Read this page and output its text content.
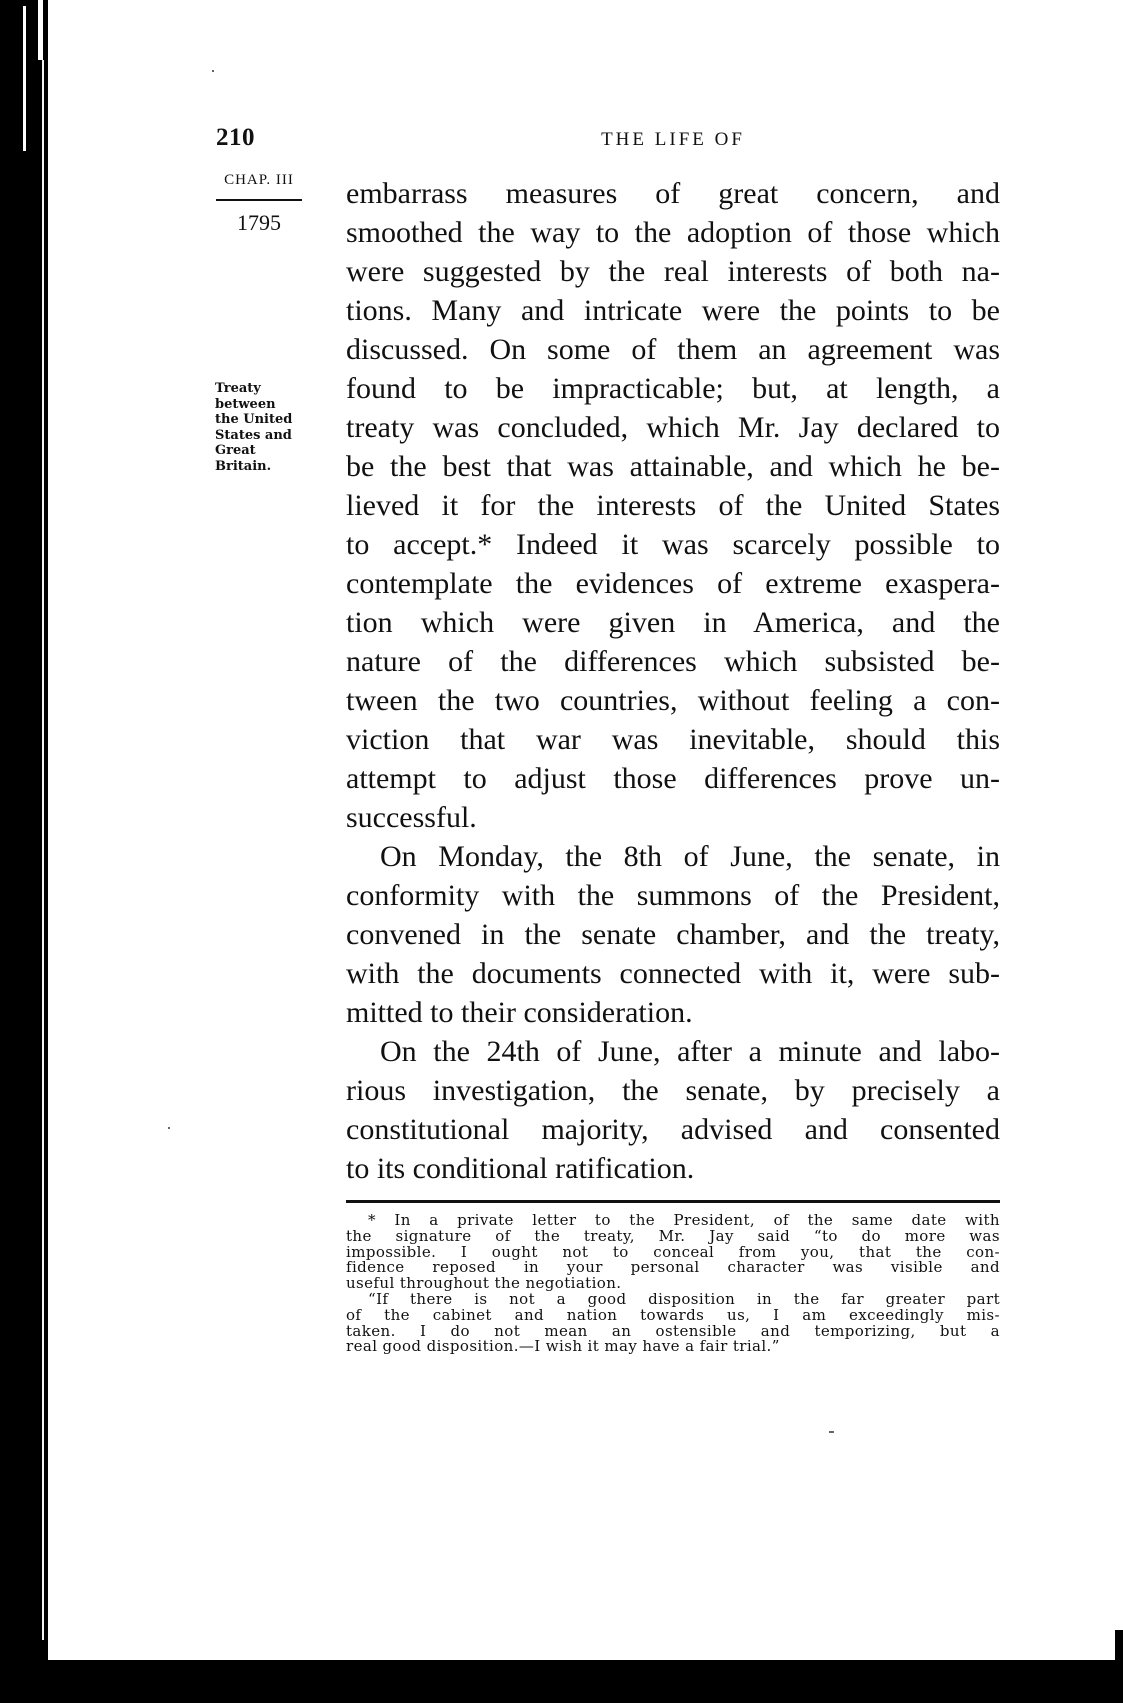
210	THE LIFE OF
CHAP. III
1795
Treaty
between
the United
States and
Great
Britain.

embarrass measures of great concern, and
smoothed the way to the adoption of those which
were suggested by the real interests of both na-
tions. Many and intricate were the points to be
discussed. On some of them an agreement was
found to be impracticable; but, at length, a
treaty was concluded, which Mr. Jay declared to
be the best that was attainable, and which he be-
lieved it for the interests of the United States
to accept.* Indeed it was scarcely possible to
contemplate the evidences of extreme exaspera-
tion which were given in America, and the
nature of the differences which subsisted be-
tween the two countries, without feeling a con-
viction that war was inevitable, should this
attempt to adjust those differences prove un-
successful.

On Monday, the 8th of June, the senate, in
conformity with the summons of the President,
convened in the senate chamber, and the treaty,
with the documents connected with it, were sub-
mitted to their consideration.

On the 24th of June, after a minute and labo-
rious investigation, the senate, by precisely a
constitutional majority, advised and consented
to its conditional ratification.

* In a private letter to the President, of the same date with
the signature of the treaty, Mr. Jay said “to do more was
impossible. I ought not to conceal from you, that the con-
fidence reposed in your personal character was visible and
useful throughout the negotiation.
“If there is not a good disposition in the far greater part
of the cabinet and nation towards us, I am exceedingly mis-
taken. I do not mean an ostensible and temporizing, but a
real good disposition.—I wish it may have a fair trial.”
